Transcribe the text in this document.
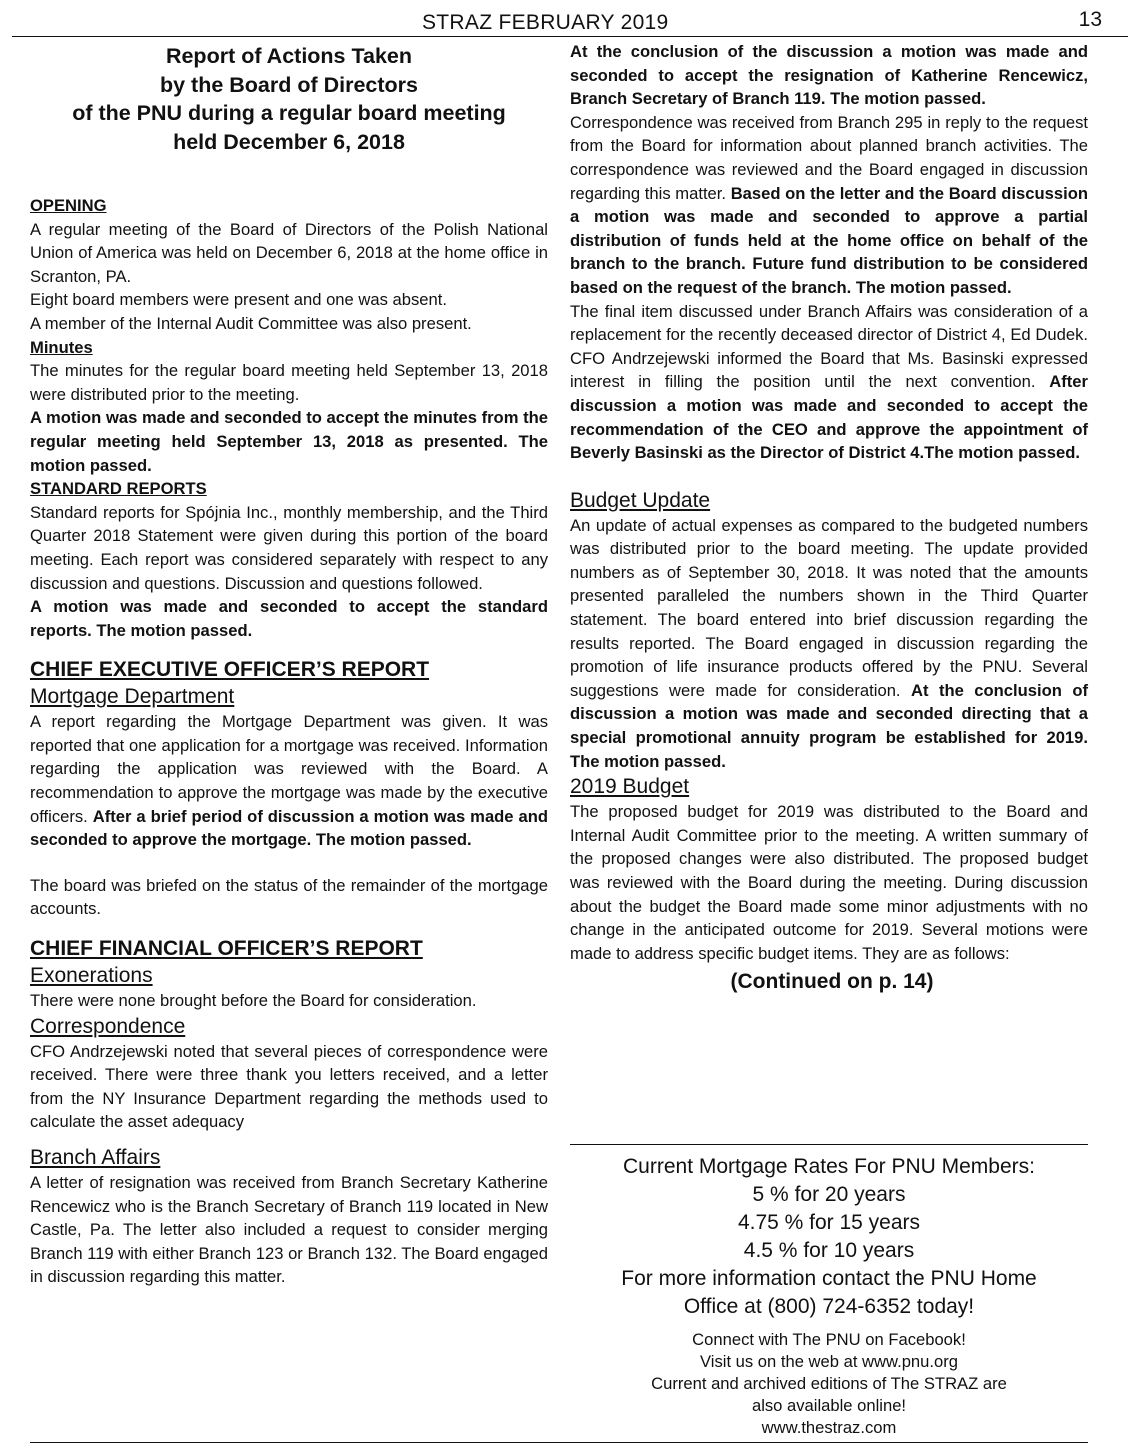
STRAZ FEBRUARY 2019	13

Report of Actions Taken
by the Board of Directors
of the PNU during a regular board meeting
held December 6, 2018

OPENING

A regular meeting of the Board of Directors of the Polish National Union of America was held on December 6, 2018 at the home office in Scranton, PA.

Eight board members were present and one was absent.

A member of the Internal Audit Committee was also present.

Minutes

The minutes for the regular board meeting held September 13, 2018 were distributed prior to the meeting.

A motion was made and seconded to accept the minutes from the regular meeting held September 13, 2018 as presented. The motion passed.

STANDARD REPORTS

Standard reports for Spójnia Inc., monthly membership, and the Third Quarter 2018 Statement were given during this portion of the board meeting. Each report was considered separately with respect to any discussion and questions. Discussion and questions followed.

A motion was made and seconded to accept the standard reports. The motion passed.

CHIEF EXECUTIVE OFFICER’S REPORT

Mortgage Department

A report regarding the Mortgage Department was given. It was reported that one application for a mortgage was received. Information regarding the application was reviewed with the Board. A recommendation to approve the mortgage was made by the executive officers. After a brief period of discussion a motion was made and seconded to approve the mortgage. The motion passed.

The board was briefed on the status of the remainder of the mortgage accounts.

CHIEF FINANCIAL OFFICER’S REPORT

Exonerations

There were none brought before the Board for consideration.

Correspondence

CFO Andrzejewski noted that several pieces of correspondence were received. There were three thank you letters received, and a letter from the NY Insurance Department regarding the methods used to calculate the asset adequacy

Branch Affairs

A letter of resignation was received from Branch Secretary Katherine Rencewicz who is the Branch Secretary of Branch 119 located in New Castle, Pa. The letter also included a request to consider merging Branch 119 with either Branch 123 or Branch 132. The Board engaged in discussion regarding this matter.

At the conclusion of the discussion a motion was made and seconded to accept the resignation of Katherine Rencewicz, Branch Secretary of Branch 119. The motion passed.

Correspondence was received from Branch 295 in reply to the request from the Board for information about planned branch activities. The correspondence was reviewed and the Board engaged in discussion regarding this matter. Based on the letter and the Board discussion a motion was made and seconded to approve a partial distribution of funds held at the home office on behalf of the branch to the branch. Future fund distribution to be considered based on the request of the branch. The motion passed.

The final item discussed under Branch Affairs was consideration of a replacement for the recently deceased director of District 4, Ed Dudek. CFO Andrzejewski informed the Board that Ms. Basinski expressed interest in filling the position until the next convention. After discussion a motion was made and seconded to accept the recommendation of the CEO and approve the appointment of Beverly Basinski as the Director of District 4.The motion passed.

Budget Update

An update of actual expenses as compared to the budgeted numbers was distributed prior to the board meeting. The update provided numbers as of September 30, 2018. It was noted that the amounts presented paralleled the numbers shown in the Third Quarter statement. The board entered into brief discussion regarding the results reported. The Board engaged in discussion regarding the promotion of life insurance products offered by the PNU. Several suggestions were made for consideration. At the conclusion of discussion a motion was made and seconded directing that a special promotional annuity program be established for 2019. The motion passed.

2019 Budget

The proposed budget for 2019 was distributed to the Board and Internal Audit Committee prior to the meeting. A written summary of the proposed changes were also distributed. The proposed budget was reviewed with the Board during the meeting. During discussion about the budget the Board made some minor adjustments with no change in the anticipated outcome for 2019. Several motions were made to address specific budget items. They are as follows:

(Continued on p. 14)

Current Mortgage Rates For PNU Members:
5 % for 20 years
4.75 % for 15 years
4.5 % for 10 years
For more information contact the PNU Home
Office at (800) 724-6352 today!
Connect with The PNU on Facebook!
Visit us on the web at www.pnu.org
Current and archived editions of The STRAZ are
also available online!
www.thestraz.com
